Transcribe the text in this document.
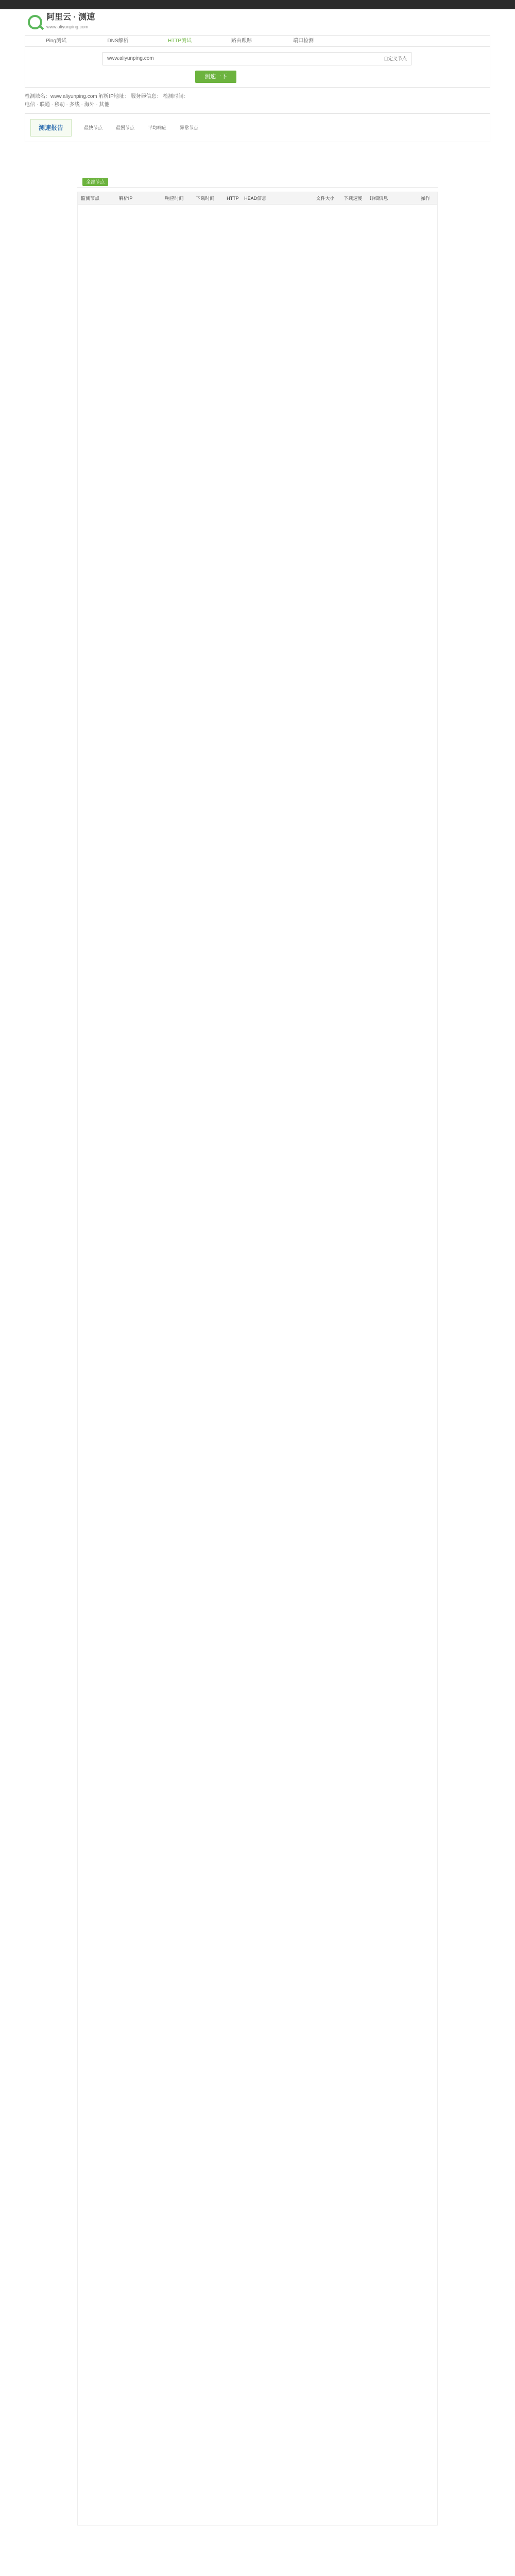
阿里云 · 测速
www.aliyunping.com
Ping测试	DNS解析	HTTP测试	路由跟踪	端口检测
www.aliyunping.com	自定义节点
测速一下
检测域名：www.aliyunping.com 解析IP地址： 服务器信息： 检测时间：
电信 · 联通 · 移动 · 多线 · 海外 · 其他
测速报告	最快节点	最慢节点	平均响应	异常节点
全部节点
监测节点	解析IP	响应时间	下载时间	HTTP	HEAD信息	文件大小	下载速度	详细信息	操作
